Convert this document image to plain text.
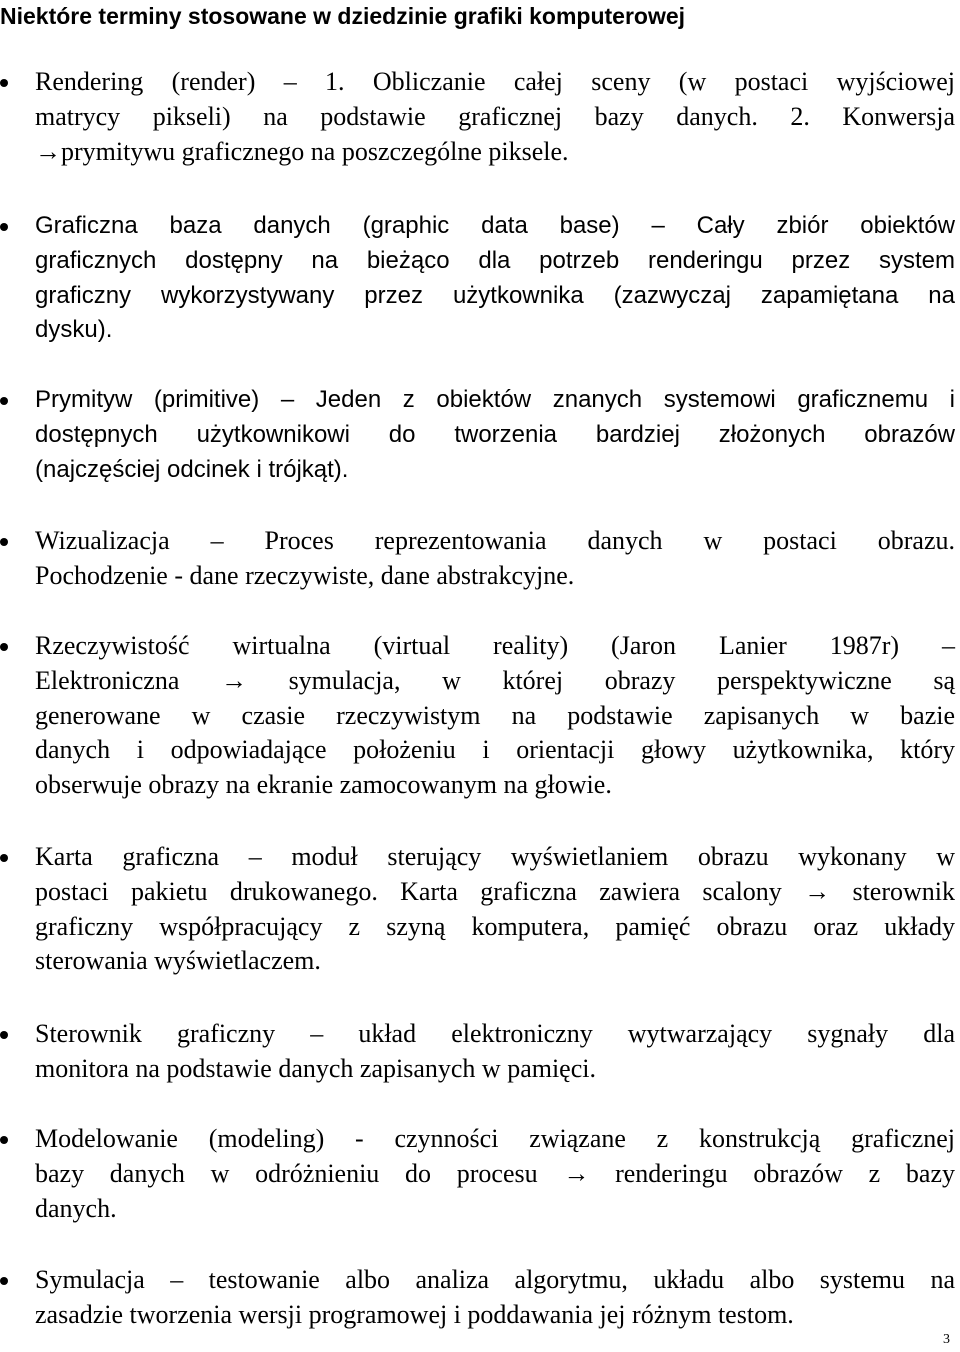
Niektóre terminy stosowane w dziedzinie grafiki komputerowej

Rendering (render) – 1. Obliczanie całej sceny (w postaci wyjściowej

matrycy pikseli) na podstawie graficznej bazy danych. 2. Konwersja

→prymitywu graficznego na poszczególne piksele.

Graficzna baza danych (graphic data base) – Cały zbiór obiektów

graficznych dostępny na bieżąco dla potrzeb renderingu przez system

graficzny wykorzystywany przez użytkownika (zazwyczaj zapamiętana na

dysku).

Prymityw (primitive) – Jeden z obiektów znanych systemowi graficznemu i

dostępnych użytkownikowi do tworzenia bardziej złożonych obrazów

(najczęściej odcinek i trójkąt).

Wizualizacja – Proces reprezentowania danych w postaci obrazu.

Pochodzenie - dane rzeczywiste, dane abstrakcyjne.

Rzeczywistość wirtualna (virtual reality) (Jaron Lanier 1987r) –

Elektroniczna → symulacja, w której obrazy perspektywiczne są

generowane w czasie rzeczywistym na podstawie zapisanych w bazie

danych i odpowiadające położeniu i orientacji głowy użytkownika, który

obserwuje obrazy na ekranie zamocowanym na głowie.

Karta graficzna – moduł sterujący wyświetlaniem obrazu wykonany w

postaci pakietu drukowanego. Karta graficzna zawiera scalony → sterownik

graficzny współpracujący z szyną komputera, pamięć obrazu oraz układy

sterowania wyświetlaczem.

Sterownik graficzny – układ elektroniczny wytwarzający sygnały dla

monitora na podstawie danych zapisanych w pamięci.

Modelowanie (modeling) - czynności związane z konstrukcją graficznej

bazy danych w odróżnieniu do procesu → renderingu obrazów z bazy

danych.

Symulacja – testowanie albo analiza algorytmu, układu albo systemu na

zasadzie tworzenia wersji programowej i poddawania jej różnym testom.

3
